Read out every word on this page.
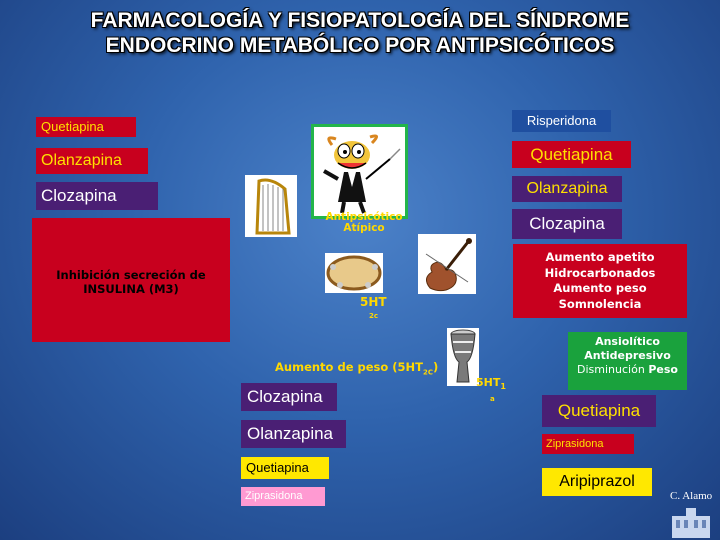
FARMACOLOGÍA Y FISIOPATOLOGÍA DEL SÍNDROME
ENDOCRINO METABÓLICO POR ANTIPSICÓTICOS
Quetiapina
Olanzapina
Clozapina
Inhibición secreción de
INSULINA (M3)
Risperidona
Quetiapina
Olanzapina
Clozapina
Aumento apetito
Hidrocarbonados
Aumento peso
Somnolencia
Antipsicótico
Atípico
5HT
2c
Aumento de peso $(5HT_{2C})$
Clozapina
Olanzapina
Quetiapina
Ziprasidona
$5HT_1$
a
Ansiolítico
Antidepresivo
Disminución Peso
Quetiapina
Ziprasidona
Aripiprazol
C. Alamo
